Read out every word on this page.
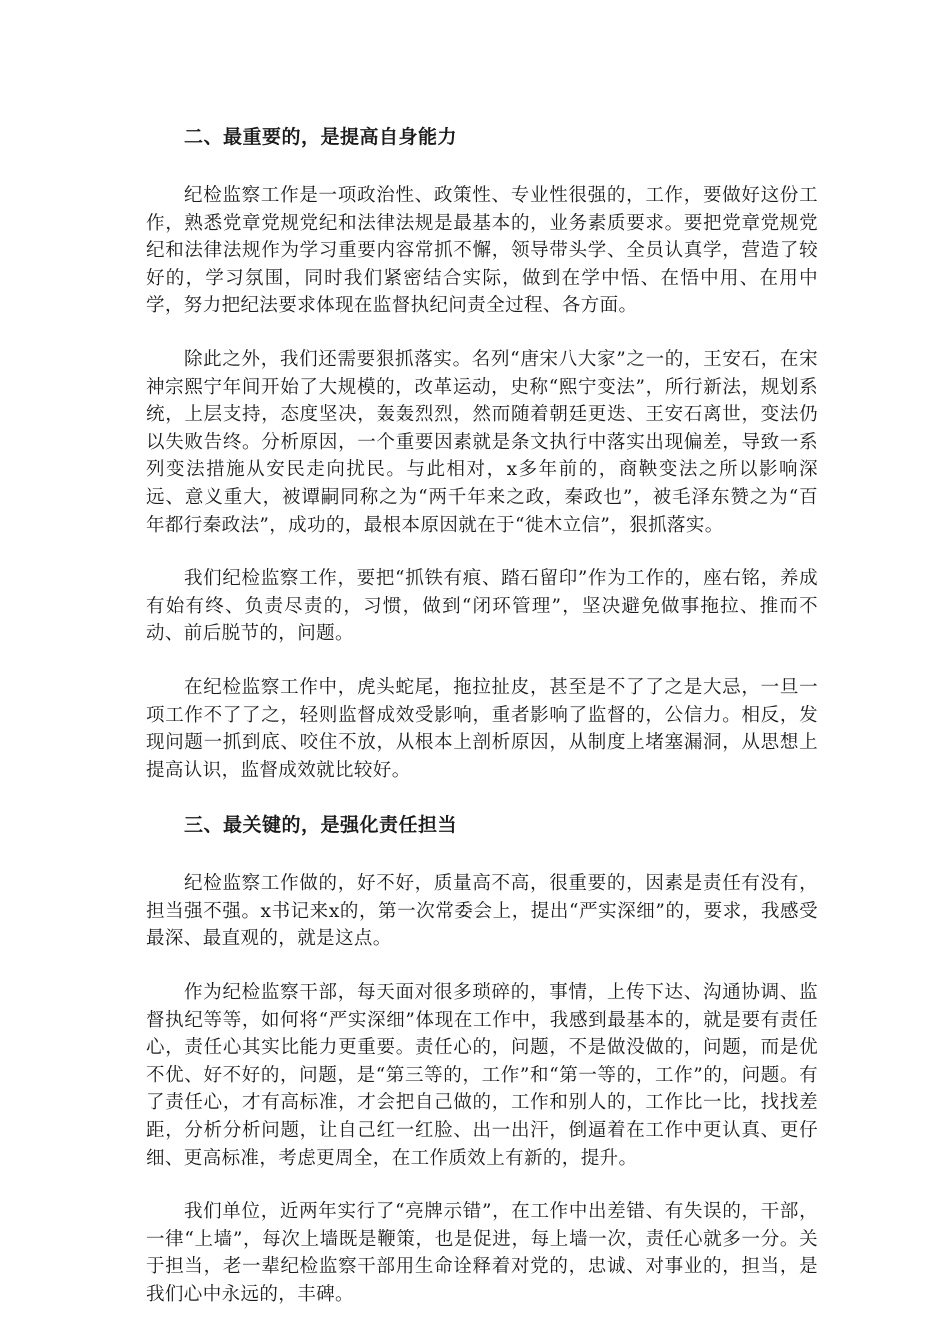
二、最重要的，是提高自身能力

纪检监察工作是一项政治性、政策性、专业性很强的，工作，要做好这份工作，熟悉党章党规党纪和法律法规是最基本的，业务素质要求。要把党章党规党纪和法律法规作为学习重要内容常抓不懈，领导带头学、全员认真学，营造了较好的，学习氛围，同时我们紧密结合实际，做到在学中悟、在悟中用、在用中学，努力把纪法要求体现在监督执纪问责全过程、各方面。

除此之外，我们还需要狠抓落实。名列“唐宋八大家”之一的，王安石，在宋神宗熙宁年间开始了大规模的，改革运动，史称“熙宁变法”，所行新法，规划系统，上层支持，态度坚决，轰轰烈烈，然而随着朝廷更迭、王安石离世，变法仍以失败告终。分析原因，一个重要因素就是条文执行中落实出现偏差，导致一系列变法措施从安民走向扰民。与此相对，x多年前的，商鞅变法之所以影响深远、意义重大，被谭嗣同称之为“两千年来之政，秦政也”，被毛泽东赞之为“百年都行秦政法”，成功的，最根本原因就在于“徙木立信”，狠抓落实。

我们纪检监察工作，要把“抓铁有痕、踏石留印”作为工作的，座右铭，养成有始有终、负责尽责的，习惯，做到“闭环管理”，坚决避免做事拖拉、推而不动、前后脱节的，问题。

在纪检监察工作中，虎头蛇尾，拖拉扯皮，甚至是不了了之是大忌，一旦一项工作不了了之，轻则监督成效受影响，重者影响了监督的，公信力。相反，发现问题一抓到底、咬住不放，从根本上剖析原因，从制度上堵塞漏洞，从思想上提高认识，监督成效就比较好。

三、最关键的，是强化责任担当

纪检监察工作做的，好不好，质量高不高，很重要的，因素是责任有没有，担当强不强。x书记来x的，第一次常委会上，提出“严实深细”的，要求，我感受最深、最直观的，就是这点。

作为纪检监察干部，每天面对很多琐碎的，事情，上传下达、沟通协调、监督执纪等等，如何将“严实深细”体现在工作中，我感到最基本的，就是要有责任心，责任心其实比能力更重要。责任心的，问题，不是做没做的，问题，而是优不优、好不好的，问题，是“第三等的，工作”和“第一等的，工作”的，问题。有了责任心，才有高标准，才会把自己做的，工作和别人的，工作比一比，找找差距，分析分析问题，让自己红一红脸、出一出汗，倒逼着在工作中更认真、更仔细、更高标准，考虑更周全，在工作质效上有新的，提升。

我们单位，近两年实行了“亮牌示错”，在工作中出差错、有失误的，干部，一律“上墙”，每次上墙既是鞭策，也是促进，每上墙一次，责任心就多一分。关于担当，老一辈纪检监察干部用生命诠释着对党的，忠诚、对事业的，担当，是我们心中永远的，丰碑。
